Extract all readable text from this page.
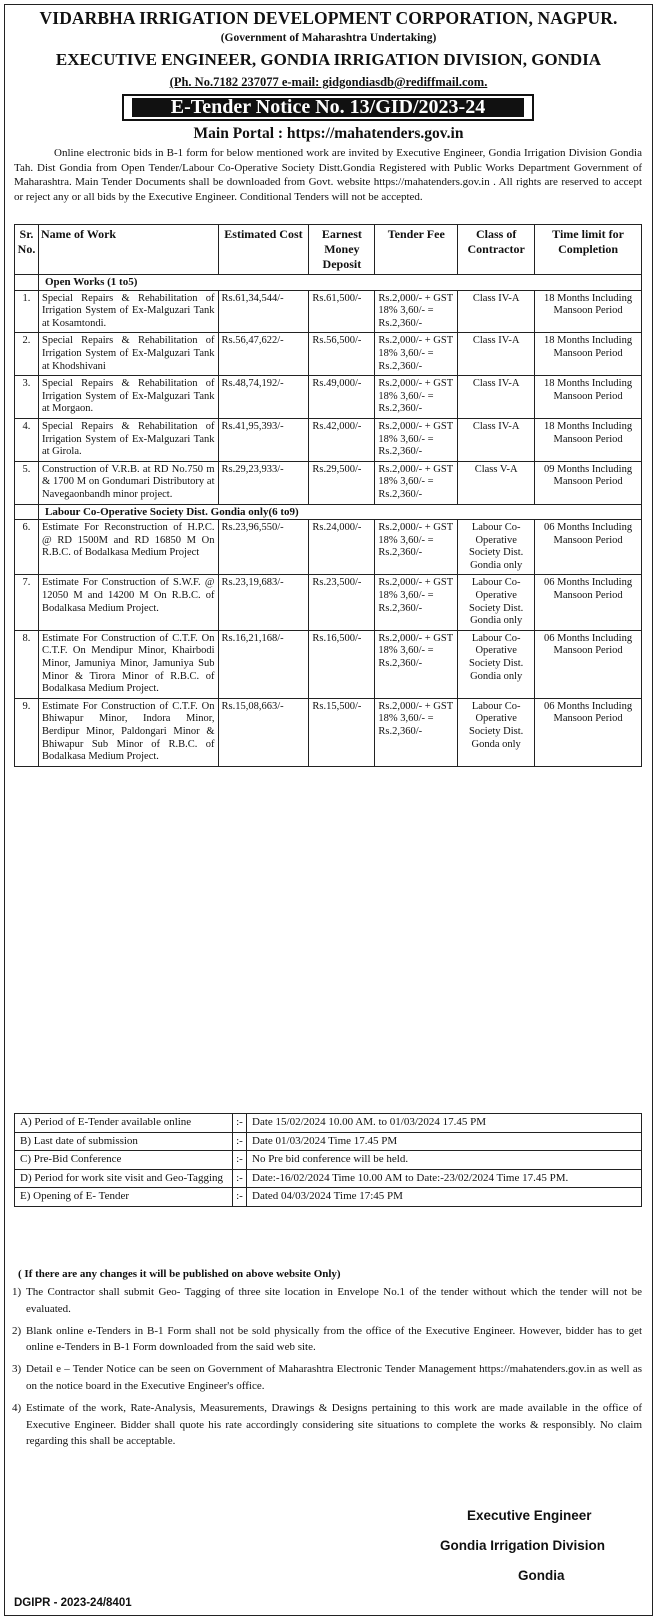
VIDARBHA IRRIGATION DEVELOPMENT CORPORATION, NAGPUR.
(Government of Maharashtra Undertaking)
EXECUTIVE ENGINEER, GONDIA IRRIGATION DIVISION, GONDIA
(Ph. No.7182 237077 e-mail: gidgondiasdb@rediffmail.com.
E-Tender Notice No. 13/GID/2023-24
Main Portal : https://mahatenders.gov.in

Online electronic bids in B-1 form for below mentioned work are invited by Executive Engineer, Gondia Irrigation Division Gondia Tah. Dist Gondia from Open Tender/Labour Co-Operative Society Distt.Gondia Registered with Public Works Department Government of Maharashtra. Main Tender Documents shall be downloaded from Govt. website https://mahatenders.gov.in . All rights are reserved to accept or reject any or all bids by the Executive Engineer. Conditional Tenders will not be accepted.

Sr. No.	Name of Work	Estimated Cost	Earnest Money Deposit	Tender Fee	Class of Contractor	Time limit for Completion
	Open Works (1 to5)					
1.	Special Repairs & Rehabilitation of Irrigation System of Ex-Malguzari Tank at Kosamtondi.	Rs.61,34,544/-	Rs.61,500/-	Rs.2,000/- + GST 18% 3,60/- = Rs.2,360/-	Class IV-A	18 Months Including Mansoon Period
2.	Special Repairs & Rehabilitation of Irrigation System of Ex-Malguzari Tank at Khodshivani	Rs.56,47,622/-	Rs.56,500/-	Rs.2,000/- + GST 18% 3,60/- = Rs.2,360/-	Class IV-A	18 Months Including Mansoon Period
3.	Special Repairs & Rehabilitation of Irrigation System of Ex-Malguzari Tank at Morgaon.	Rs.48,74,192/-	Rs.49,000/-	Rs.2,000/- + GST 18% 3,60/- = Rs.2,360/-	Class IV-A	18 Months Including Mansoon Period
4.	Special Repairs & Rehabilitation of Irrigation System of Ex-Malguzari Tank at Girola.	Rs.41,95,393/-	Rs.42,000/-	Rs.2,000/- + GST 18% 3,60/- = Rs.2,360/-	Class IV-A	18 Months Including Mansoon Period
5.	Construction of V.R.B. at RD No.750 m & 1700 M on Gondumari Distributory at Navegaonbandh minor project.	Rs.29,23,933/-	Rs.29,500/-	Rs.2,000/- + GST 18% 3,60/- = Rs.2,360/-	Class V-A	09 Months Including Mansoon Period
	Labour Co-Operative Society Dist. Gondia only(6 to9)					
6.	Estimate For Reconstruction of H.P.C. @ RD 1500M and RD 16850 M On R.B.C. of Bodalkasa Medium Project	Rs.23,96,550/-	Rs.24,000/-	Rs.2,000/- + GST 18% 3,60/- = Rs.2,360/-	Labour Co-Operative Society Dist. Gondia only	06 Months Including Mansoon Period
7.	Estimate For Construction of S.W.F. @ 12050 M and 14200 M On R.B.C. of Bodalkasa Medium Project.	Rs.23,19,683/-	Rs.23,500/-	Rs.2,000/- + GST 18% 3,60/- = Rs.2,360/-	Labour Co-Operative Society Dist. Gondia only	06 Months Including Mansoon Period
8.	Estimate For Construction of C.T.F. On C.T.F. On Mendipur Minor, Khairbodi Minor, Jamuniya Minor, Jamuniya Sub Minor & Tirora Minor of R.B.C. of Bodalkasa Medium Project.	Rs.16,21,168/-	Rs.16,500/-	Rs.2,000/- + GST 18% 3,60/- = Rs.2,360/-	Labour Co-Operative Society Dist. Gondia only	06 Months Including Mansoon Period
9.	Estimate For Construction of C.T.F. On Bhiwapur Minor, Indora Minor, Berdipur Minor, Paldongari Minor & Bhiwapur Sub Minor of R.B.C. of Bodalkasa Medium Project.	Rs.15,08,663/-	Rs.15,500/-	Rs.2,000/- + GST 18% 3,60/- = Rs.2,360/-	Labour Co-Operative Society Dist. Gonda only	06 Months Including Mansoon Period
A) Period of E-Tender available online	:-	Date 15/02/2024 10.00 AM. to 01/03/2024 17.45 PM
B) Last date of submission	:-	Date 01/03/2024 Time 17.45 PM
C) Pre-Bid Conference	:-	No Pre bid conference will be held.
D) Period for work site visit and Geo-Tagging	:-	Date:-16/02/2024 Time 10.00 AM to Date:-23/02/2024 Time 17.45 PM.
E) Opening of E- Tender	:-	Dated 04/03/2024 Time 17:45 PM
( If there are any changes it will be published on above website Only)
1) The Contractor shall submit Geo- Tagging of three site location in Envelope No.1 of the tender without which the tender will not be evaluated.
2) Blank online e-Tenders in B-1 Form shall not be sold physically from the office of the Executive Engineer. However, bidder has to get online e-Tenders in B-1 Form downloaded from the said web site.
3) Detail e – Tender Notice can be seen on Government of Maharashtra Electronic Tender Management https://mahatenders.gov.in as well as on the notice board in the Executive Engineer's office.
4) Estimate of the work, Rate-Analysis, Measurements, Drawings & Designs pertaining to this work are made available in the office of Executive Engineer. Bidder shall quote his rate accordingly considering site situations to complete the works & responsibly. No claim regarding this shall be acceptable.
Executive Engineer
Gondia Irrigation Division
Gondia
DGIPR - 2023-24/8401
